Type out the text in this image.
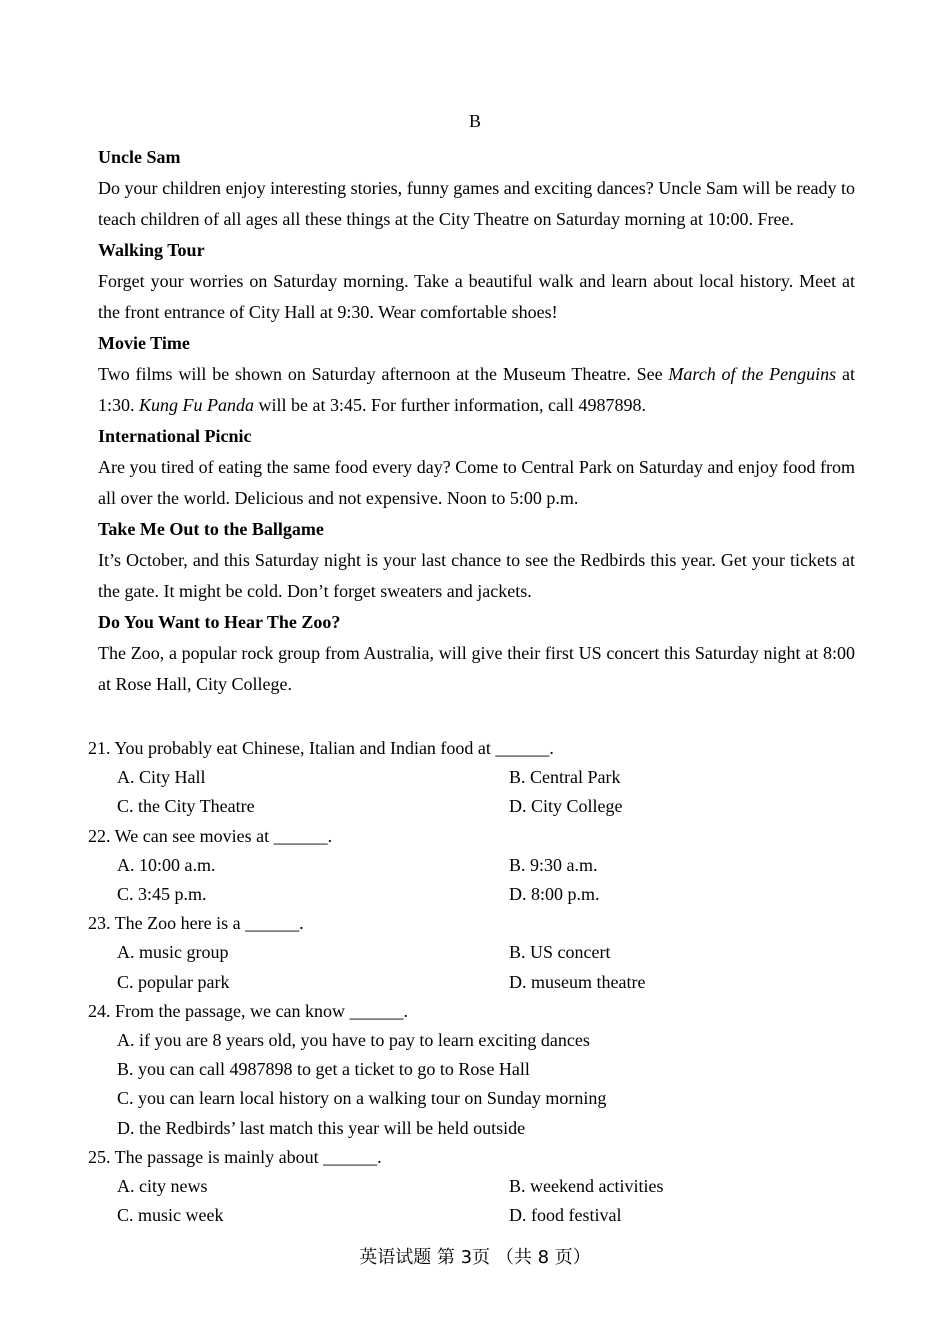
B
Uncle Sam
Do your children enjoy interesting stories, funny games and exciting dances? Uncle Sam will be ready to teach children of all ages all these things at the City Theatre on Saturday morning at 10:00. Free.
Walking Tour
Forget your worries on Saturday morning. Take a beautiful walk and learn about local history. Meet at the front entrance of City Hall at 9:30. Wear comfortable shoes!
Movie Time
Two films will be shown on Saturday afternoon at the Museum Theatre. See March of the Penguins at 1:30. Kung Fu Panda will be at 3:45. For further information, call 4987898.
International Picnic
Are you tired of eating the same food every day? Come to Central Park on Saturday and enjoy food from all over the world. Delicious and not expensive. Noon to 5:00 p.m.
Take Me Out to the Ballgame
It’s October, and this Saturday night is your last chance to see the Redbirds this year. Get your tickets at the gate. It might be cold. Don’t forget sweaters and jackets.
Do You Want to Hear The Zoo?
The Zoo, a popular rock group from Australia, will give their first US concert this Saturday night at 8:00 at Rose Hall, City College.
21. You probably eat Chinese, Italian and Indian food at ______.
A. City Hall	B. Central Park
C. the City Theatre	D. City College
22. We can see movies at ______.
A. 10:00 a.m.	B. 9:30 a.m.
C. 3:45 p.m.	D. 8:00 p.m.
23. The Zoo here is a ______.
A. music group	B. US concert
C. popular park	D. museum theatre
24. From the passage, we can know ______.
A. if you are 8 years old, you have to pay to learn exciting dances
B. you can call 4987898 to get a ticket to go to Rose Hall
C. you can learn local history on a walking tour on Sunday morning
D. the Redbirds’ last match this year will be held outside
25. The passage is mainly about ______.
A. city news	B. weekend activities
C. music week	D. food festival
英语试题 第 3页 （共 8 页）
